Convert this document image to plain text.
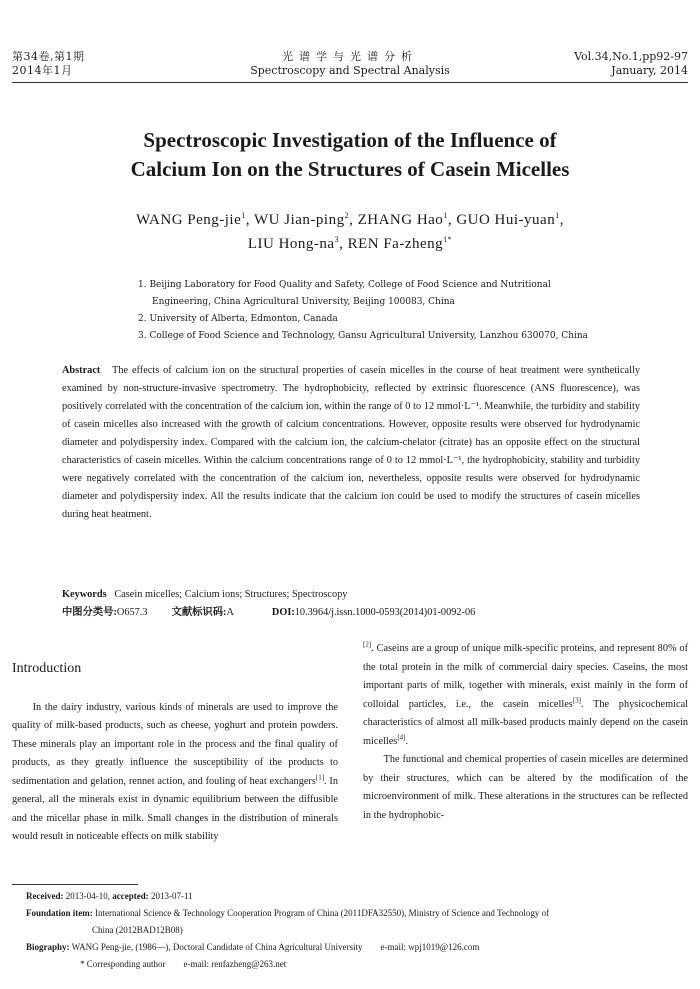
第34卷,第1期
2014年1月
光谱学与光谱分析
Spectroscopy and Spectral Analysis
Vol.34,No.1,pp92-97
January, 2014
Spectroscopic Investigation of the Influence of
Calcium Ion on the Structures of Casein Micelles
WANG Peng-jie$^1$, WU Jian-ping$^2$, ZHANG Hao$^1$, GUO Hui-yuan$^1$,
LIU Hong-$na^3$, REN Fa-zheng$^{1*}$
1. Beijing Laboratory for Food Quality and Safety, College of Food Science and Nutritional
Engineering, China Agricultural University, Beijing 100083, China
2. University of Alberta, Edmonton, Canada
3. College of Food Science and Technology, Gansu Agricultural University, Lanzhou 630070, China
Abstract The effects of calcium ion on the structural properties of casein micelles in the course of heat treatment were synthetically examined by non-structure-invasive spectrometry. The hydrophobicity, reflected by extrinsic fluorescence (ANS fluorescence), was positively correlated with the concentration of the calcium ion, within the range of 0 to 12 mmol·L⁻¹. Meanwhile, the turbidity and stability of casein micelles also increased with the growth of calcium concentrations. However, opposite results were observed for hydrodynamic diameter and polydispersity index. Compared with the calcium ion, the calcium-chelator (citrate) has an opposite effect on the structural characteristics of casein micelles. Within the calcium concentrations range of 0 to 12 mmol·L⁻¹, the hydrophobicity, stability and turbidity were negatively correlated with the concentration of the calcium ion, nevertheless, opposite results were observed for hydrodynamic diameter and polydispersity index. All the results indicate that the calcium ion could be used to modify the structures of casein micelles during heat heatment.
Keywords Casein micelles; Calcium ions; Structures; Spectroscopy
中图分类号:O657.3 文献标识码:A	DOI:10.3964/j.issn.1000-0593(2014)01-0092-06
Introduction
In the dairy industry, various kinds of minerals are used to improve the quality of milk-based products, such as cheese, yoghurt and protein powders. These minerals play an important role in the process and the final quality of products, as they greatly influence the susceptibility of the products to sedimentation and gelation, rennet action, and fouling of heat exchangers[1]. In general, all the minerals exist in dynamic equilibrium between the diffusible and the micellar phase in milk. Small changes in the distribution of minerals would result in noticeable effects on milk stability
[2]. Caseins are a group of unique milk-specific proteins, and represent 80% of the total protein in the milk of commercial dairy species. Caseins, the most important parts of milk, together with minerals, exist mainly in the form of colloidal particles, i.e., the casein micelles[3]. The physicochemical characteristics of almost all milk-based products mainly depend on the casein micelles[4].
The functional and chemical properties of casein micelles are determined by their structures, which can be altered by the modification of the microenvironment of milk. These alterations in the structures can be reflected in the hydrophobic-
Received: 2013-04-10, accepted: 2013-07-11 Foundation item: International Science & Technology Cooperation Program of China (2011DFA32550), Ministry of Science and Technology of
China (2012BAD12B08)
Biography: WANG Peng-jie, (1986—), Doctoral Candidate of China Agricultural University e-mail: wpj1019@126.com
* Corresponding author e-mail: renfazheng@263.net
